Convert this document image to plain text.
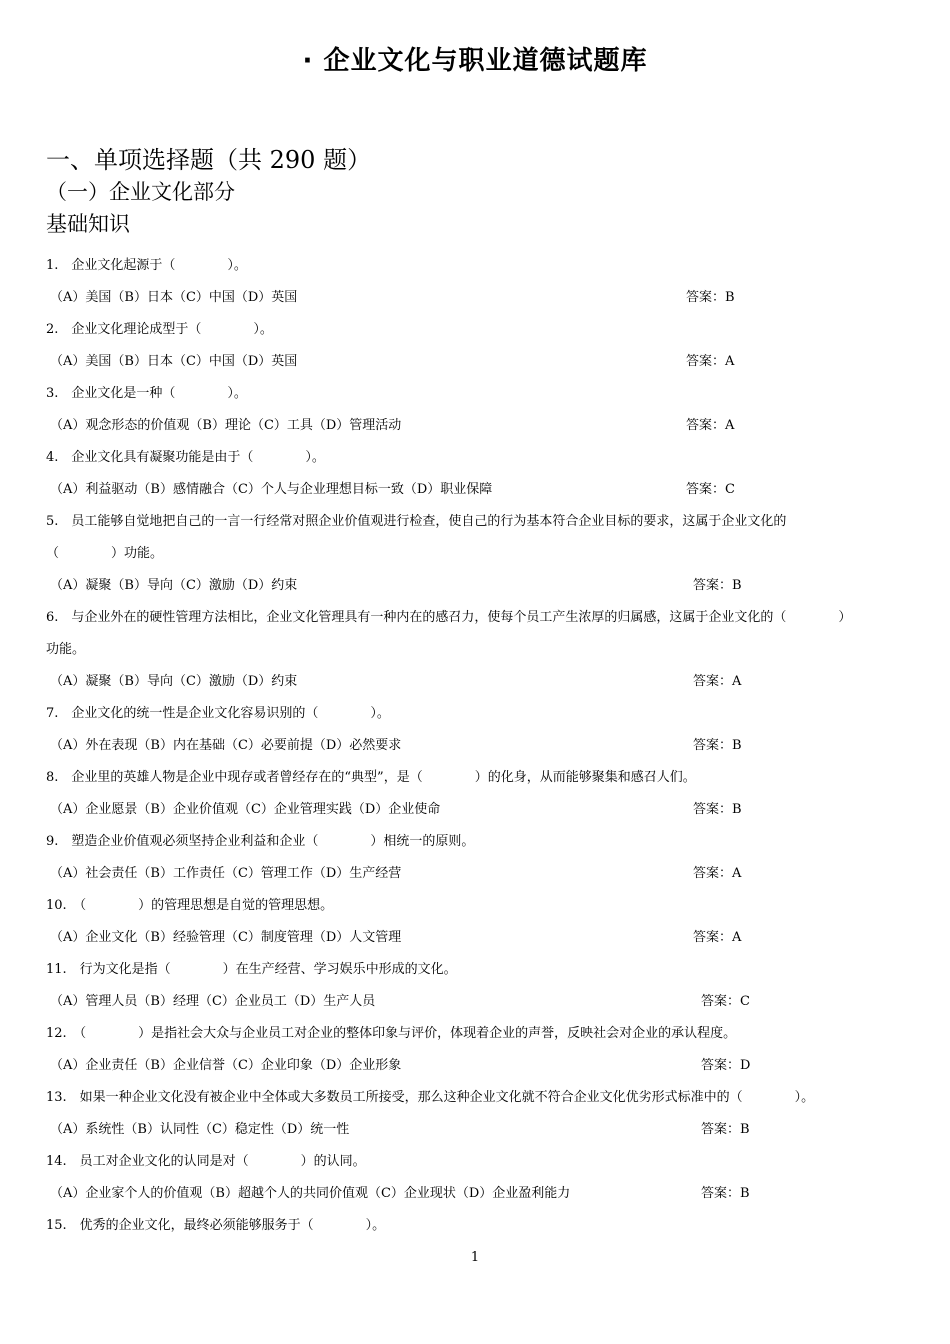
· 企业文化与职业道德试题库
一、单项选择题（共 290 题）
（一）企业文化部分
基础知识
1.　企业文化起源于（　　　　）。
（A）美国（B）日本（C）中国（D）英国	答案：B
2.　企业文化理论成型于（　　　　）。
（A）美国（B）日本（C）中国（D）英国	答案：A
3.　企业文化是一种（　　　　）。
（A）观念形态的价值观（B）理论（C）工具（D）管理活动	答案：A
4.　企业文化具有凝聚功能是由于（　　　　）。
（A）利益驱动（B）感情融合（C）个人与企业理想目标一致（D）职业保障	答案：C
5.　员工能够自觉地把自己的一言一行经常对照企业价值观进行检查，使自己的行为基本符合企业目标的要求，这属于企业文化的
（　　　　）功能。
（A）凝聚（B）导向（C）激励（D）约束	答案：B
6.　与企业外在的硬性管理方法相比，企业文化管理具有一种内在的感召力，使每个员工产生浓厚的归属感，这属于企业文化的（　　　　）
功能。
（A）凝聚（B）导向（C）激励（D）约束	答案：A
7.　企业文化的统一性是企业文化容易识别的（　　　　）。
（A）外在表现（B）内在基础（C）必要前提（D）必然要求	答案：B
8.　企业里的英雄人物是企业中现存或者曾经存在的“典型”，是（　　　　）的化身，从而能够聚集和感召人们。
（A）企业愿景（B）企业价值观（C）企业管理实践（D）企业使命	答案：B
9.　塑造企业价值观必须坚持企业利益和企业（　　　　）相统一的原则。
（A）社会责任（B）工作责任（C）管理工作（D）生产经营	答案：A
10.　（　　　　）的管理思想是自觉的管理思想。
（A）企业文化（B）经验管理（C）制度管理（D）人文管理	答案：A
11.　行为文化是指（　　　　）在生产经营、学习娱乐中形成的文化。
（A）管理人员（B）经理（C）企业员工（D）生产人员	答案：C
12.　（　　　　）是指社会大众与企业员工对企业的整体印象与评价，体现着企业的声誉，反映社会对企业的承认程度。
（A）企业责任（B）企业信誉（C）企业印象（D）企业形象	答案：D
13.　如果一种企业文化没有被企业中全体或大多数员工所接受，那么这种企业文化就不符合企业文化优劣形式标准中的（　　　　）。
（A）系统性（B）认同性（C）稳定性（D）统一性	答案：B
14.　员工对企业文化的认同是对（　　　　）的认同。
（A）企业家个人的价值观（B）超越个人的共同价值观（C）企业现状（D）企业盈利能力	答案：B
15.　优秀的企业文化，最终必须能够服务于（　　　　）。
1
